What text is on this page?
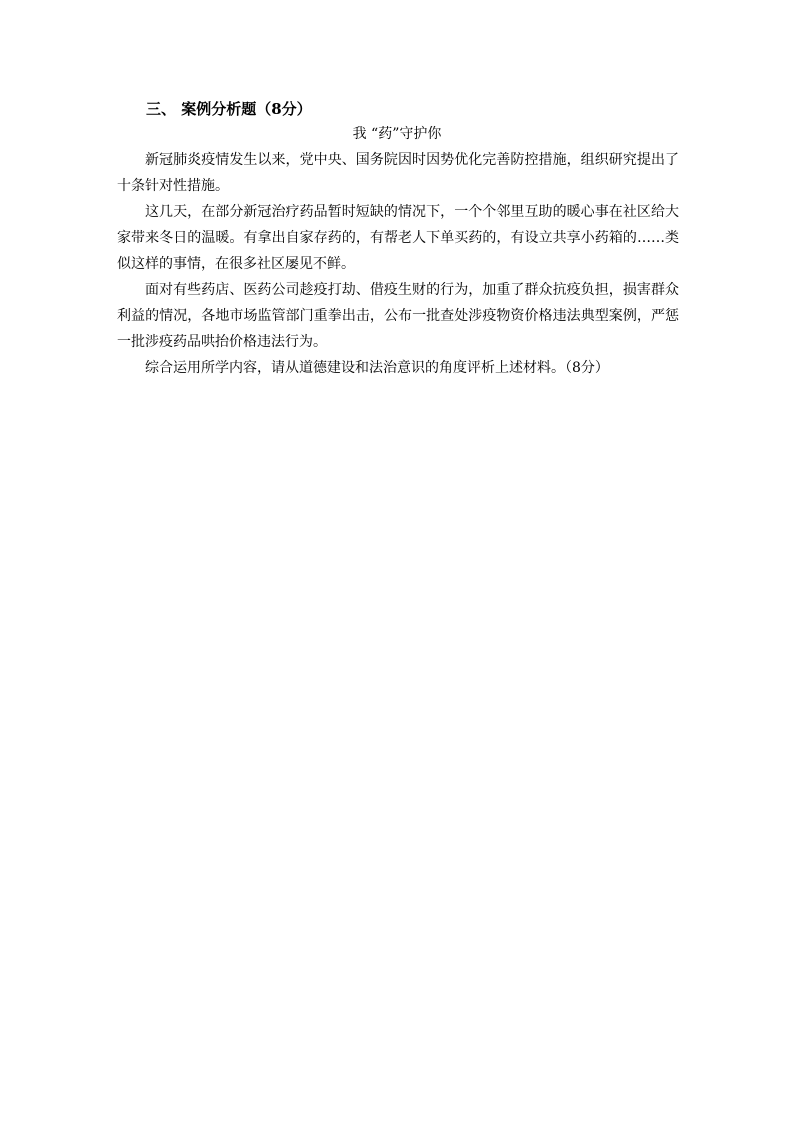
三、 案例分析题（8分）
我 “药”守护你

新冠肺炎疫情发生以来，党中央、国务院因时因势优化完善防控措施，组织研究提出了十条针对性措施。

这几天，在部分新冠治疗药品暂时短缺的情况下，一个个邻里互助的暖心事在社区给大家带来冬日的温暖。有拿出自家存药的，有帮老人下单买药的，有设立共享小药箱的……类似这样的事情，在很多社区屡见不鲜。

面对有些药店、医药公司趁疫打劫、借疫生财的行为，加重了群众抗疫负担，损害群众利益的情况，各地市场监管部门重拳出击，公布一批查处涉疫物资价格违法典型案例，严惩一批涉疫药品哄抬价格违法行为。

综合运用所学内容，请从道德建设和法治意识的角度评析上述材料。（8分）
